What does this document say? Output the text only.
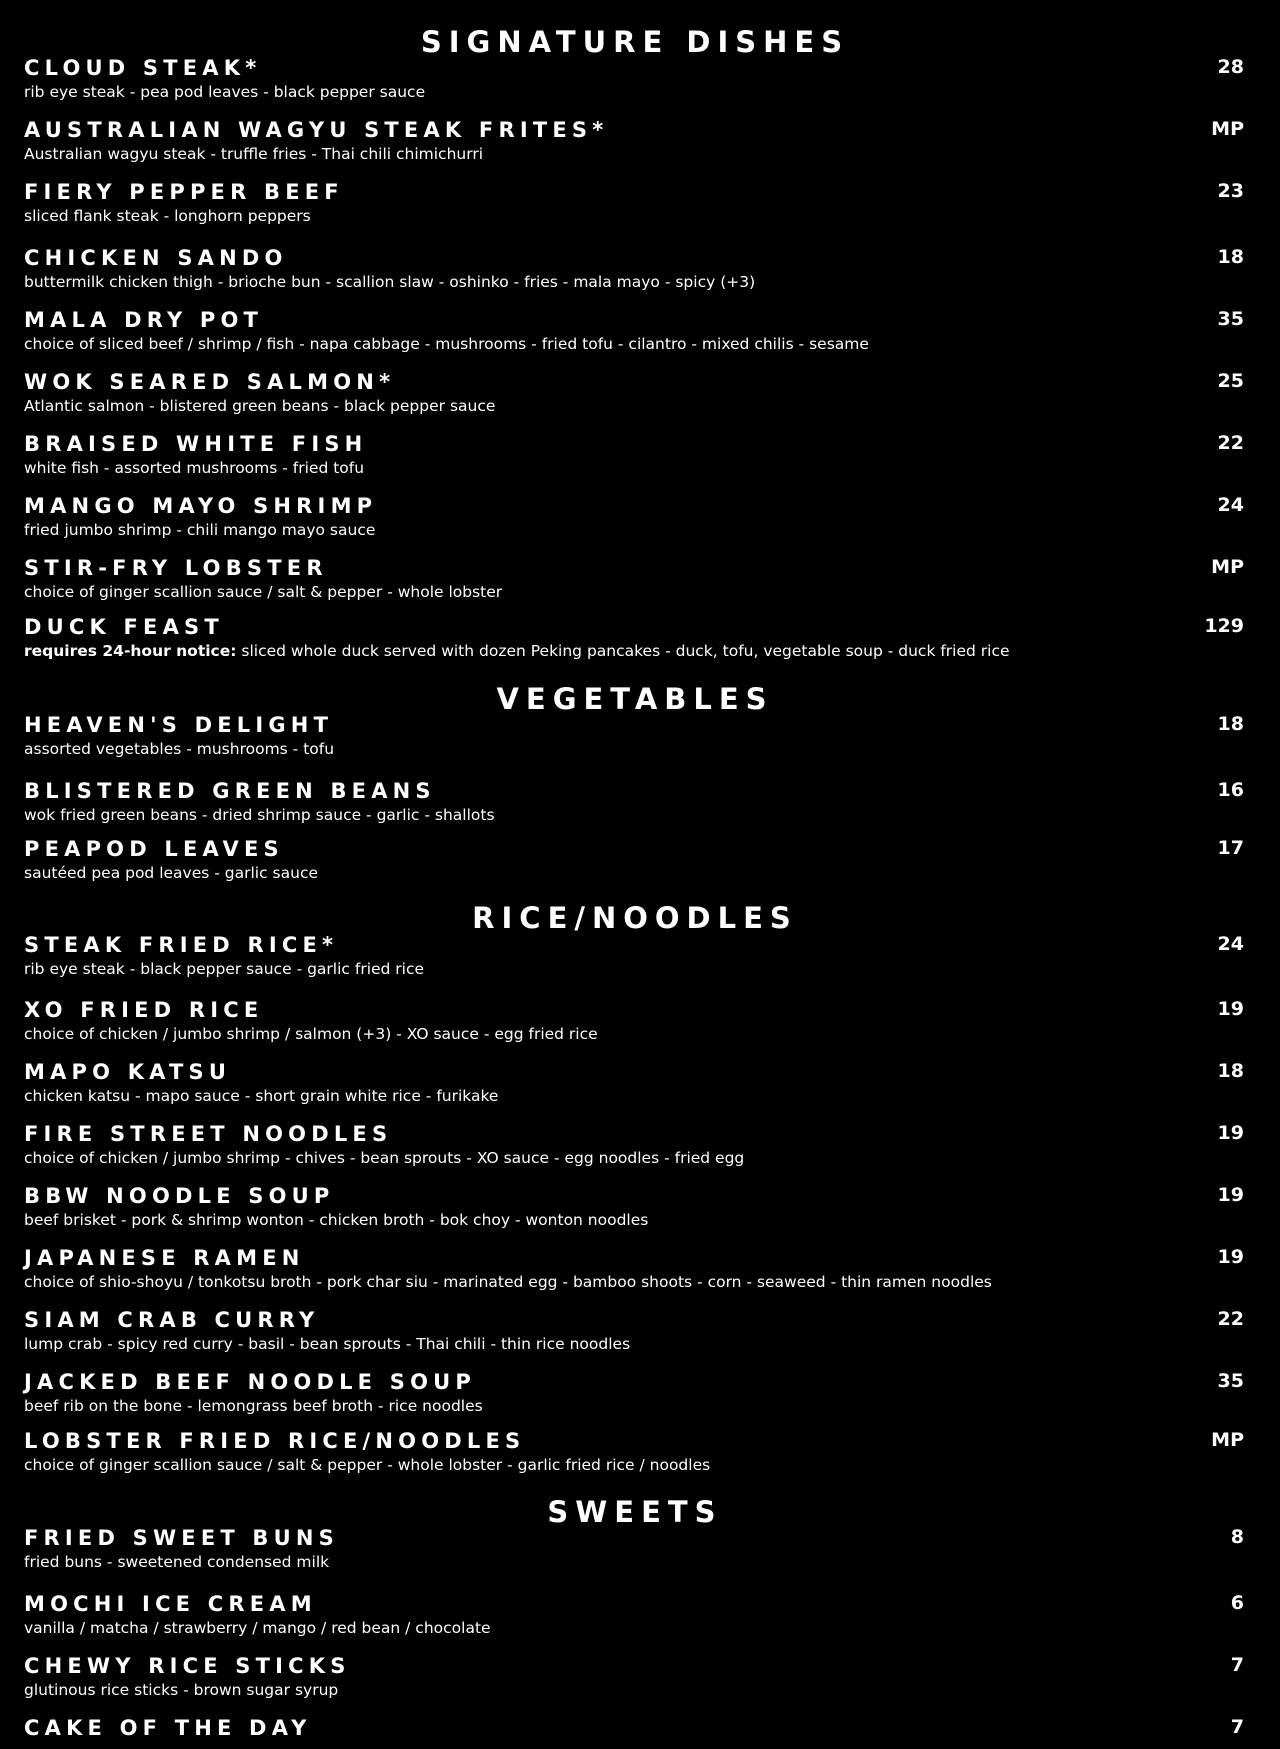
SIGNATURE DISHES
CLOUD STEAK*
rib eye steak - pea pod leaves - black pepper sauce
28
AUSTRALIAN WAGYU STEAK FRITES*
Australian wagyu steak - truffle fries - Thai chili chimichurri
MP
FIERY PEPPER BEEF
sliced flank steak - longhorn peppers
23
CHICKEN SANDO
buttermilk chicken thigh - brioche bun - scallion slaw - oshinko - fries - mala mayo - spicy (+3)
18
MALA DRY POT
choice of sliced beef / shrimp / fish - napa cabbage - mushrooms - fried tofu - cilantro - mixed chilis - sesame
35
WOK SEARED SALMON*
Atlantic salmon - blistered green beans - black pepper sauce
25
BRAISED WHITE FISH
white fish - assorted mushrooms - fried tofu
22
MANGO MAYO SHRIMP
fried jumbo shrimp - chili mango mayo sauce
24
STIR-FRY LOBSTER
choice of ginger scallion sauce / salt & pepper - whole lobster
MP
DUCK FEAST
requires 24-hour notice: sliced whole duck served with dozen Peking pancakes - duck, tofu, vegetable soup - duck fried rice
129
VEGETABLES
HEAVEN'S DELIGHT
assorted vegetables - mushrooms - tofu
18
BLISTERED GREEN BEANS
wok fried green beans - dried shrimp sauce - garlic - shallots
16
PEAPOD LEAVES
sautéed pea pod leaves - garlic sauce
17
RICE/NOODLES
STEAK FRIED RICE*
rib eye steak - black pepper sauce - garlic fried rice
24
XO FRIED RICE
choice of chicken / jumbo shrimp / salmon (+3) - XO sauce - egg fried rice
19
MAPO KATSU
chicken katsu - mapo sauce - short grain white rice - furikake
18
FIRE STREET NOODLES
choice of chicken / jumbo shrimp - chives - bean sprouts - XO sauce - egg noodles - fried egg
19
BBW NOODLE SOUP
beef brisket - pork & shrimp wonton - chicken broth - bok choy - wonton noodles
19
JAPANESE RAMEN
choice of shio-shoyu / tonkotsu broth - pork char siu - marinated egg - bamboo shoots - corn - seaweed - thin ramen noodles
19
SIAM CRAB CURRY
lump crab - spicy red curry - basil - bean sprouts - Thai chili - thin rice noodles
22
JACKED BEEF NOODLE SOUP
beef rib on the bone - lemongrass beef broth - rice noodles
35
LOBSTER FRIED RICE/NOODLES
choice of ginger scallion sauce / salt & pepper - whole lobster - garlic fried rice / noodles
MP
SWEETS
FRIED SWEET BUNS
fried buns - sweetened condensed milk
8
MOCHI ICE CREAM
vanilla / matcha / strawberry / mango / red bean / chocolate
6
CHEWY RICE STICKS
glutinous rice sticks - brown sugar syrup
7
CAKE OF THE DAY	7
